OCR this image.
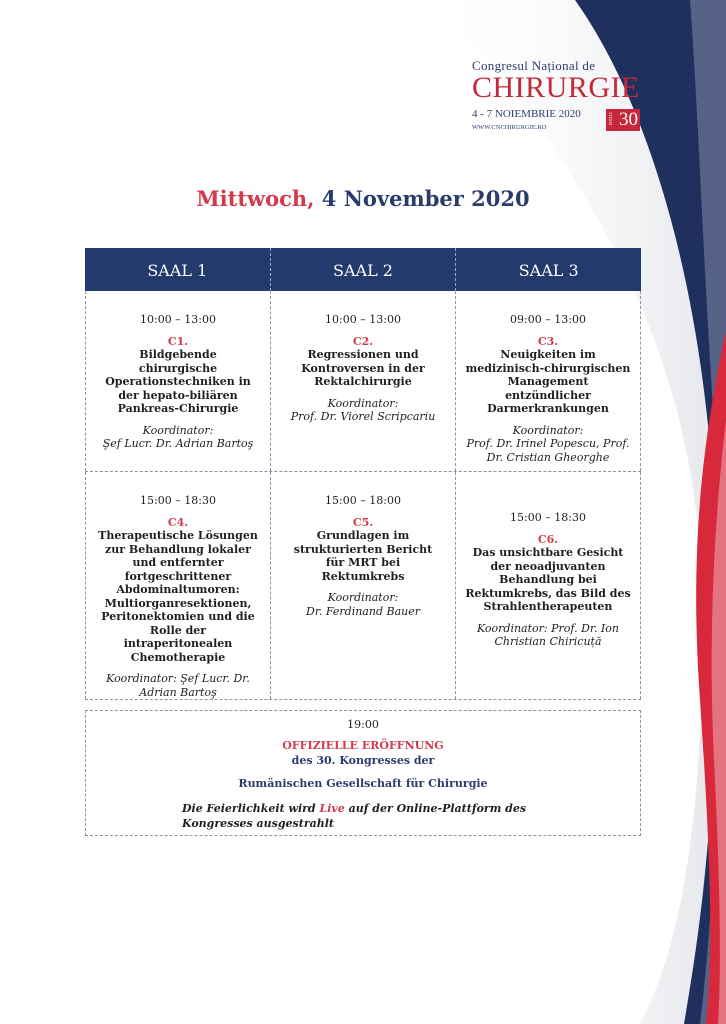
Congresul Național de
CHIRURGIE
4 - 7 NOIEMBRIE 2020
WWW.CNCHIRURGIE.RO
EDIȚIA 30
Mittwoch, 4 November 2020
SAAL 1	SAAL 2	SAAL 3
10:00 – 13:00
C1.
Bildgebende
chirurgische
Operationstechniken in
der hepato-biliären
Pankreas-Chirurgie
Koordinator:
Şef Lucr. Dr. Adrian Bartoş
10:00 – 13:00
C2.
Regressionen und
Kontroversen in der
Rektalchirurgie
Koordinator:
Prof. Dr. Viorel Scripcariu
09:00 – 13:00
C3.
Neuigkeiten im
medizinisch-chirurgischen
Management
entzündlicher
Darmerkrankungen
Koordinator:
Prof. Dr. Irinel Popescu, Prof.
Dr. Cristian Gheorghe
15:00 – 18:30
C4.
Therapeutische Lösungen
zur Behandlung lokaler
und entfernter
fortgeschrittener
Abdominaltumoren:
Multiorganresektionen,
Peritonektomien und die
Rolle der
intraperitonealen
Chemotherapie
Koordinator: Şef Lucr. Dr.
Adrian Bartoş
15:00 – 18:00
C5.
Grundlagen im
strukturierten Bericht
für MRT bei
Rektumkrebs
Koordinator:
Dr. Ferdinand Bauer
15:00 – 18:30
C6.
Das unsichtbare Gesicht
der neoadjuvanten
Behandlung bei
Rektumkrebs, das Bild des
Strahlentherapeuten
Koordinator: Prof. Dr. Ion
Christian Chiricuță
19:00
OFFIZIELLE ERÖFFNUNG
des 30. Kongresses der
Rumänischen Gesellschaft für Chirurgie
Die Feierlichkeit wird Live auf der Online-Plattform des Kongresses ausgestrahlt
